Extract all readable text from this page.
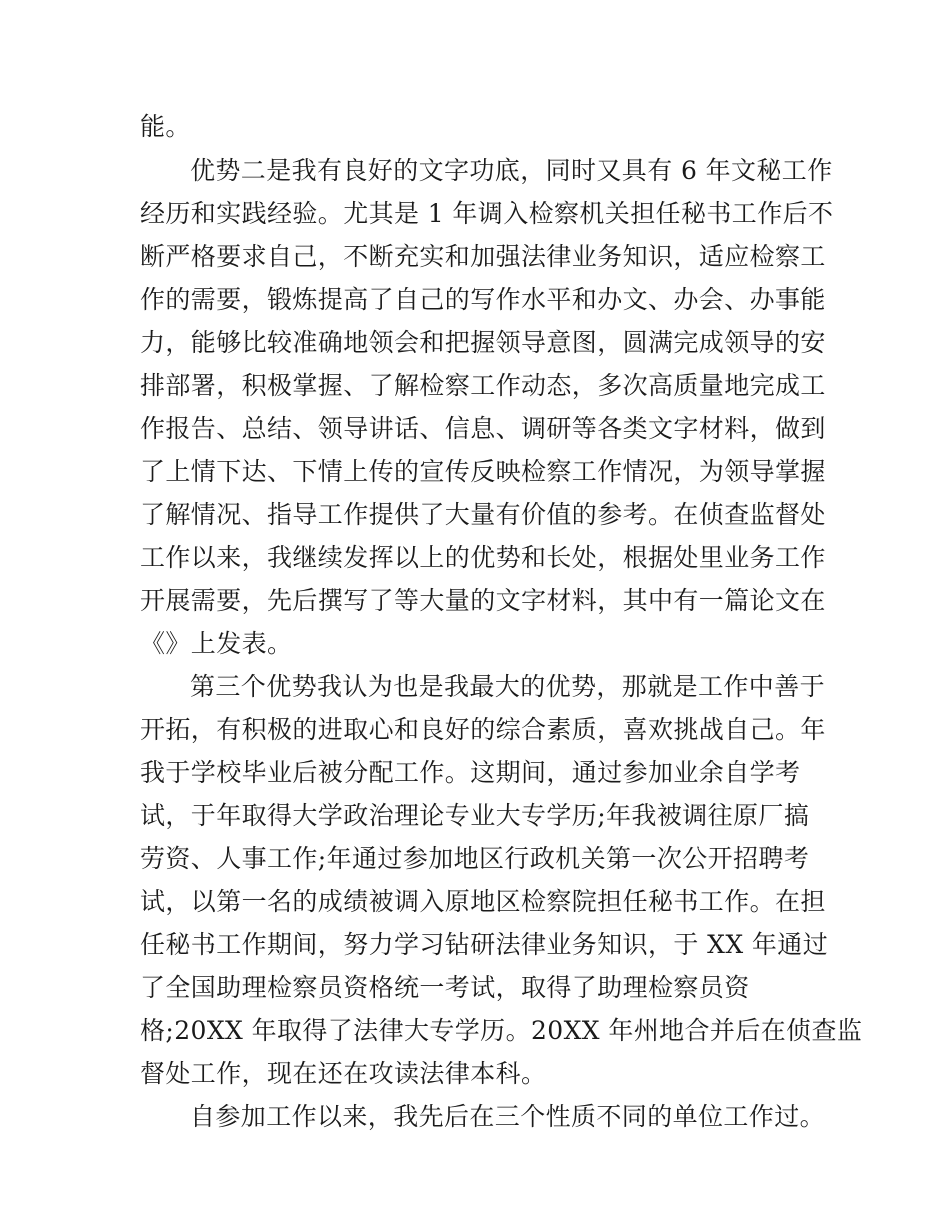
能。
优势二是我有良好的文字功底，同时又具有 6 年文秘工作
经历和实践经验。尤其是 1 年调入检察机关担任秘书工作后不
断严格要求自己，不断充实和加强法律业务知识，适应检察工
作的需要，锻炼提高了自己的写作水平和办文、办会、办事能
力，能够比较准确地领会和把握领导意图，圆满完成领导的安
排部署，积极掌握、了解检察工作动态，多次高质量地完成工
作报告、总结、领导讲话、信息、调研等各类文字材料，做到
了上情下达、下情上传的宣传反映检察工作情况，为领导掌握
了解情况、指导工作提供了大量有价值的参考。在侦查监督处
工作以来，我继续发挥以上的优势和长处，根据处里业务工作
开展需要，先后撰写了等大量的文字材料，其中有一篇论文在
《》上发表。
第三个优势我认为也是我最大的优势，那就是工作中善于
开拓，有积极的进取心和良好的综合素质，喜欢挑战自己。年
我于学校毕业后被分配工作。这期间，通过参加业余自学考
试，于年取得大学政治理论专业大专学历;年我被调往原厂搞
劳资、人事工作;年通过参加地区行政机关第一次公开招聘考
试，以第一名的成绩被调入原地区检察院担任秘书工作。在担
任秘书工作期间，努力学习钻研法律业务知识，于 XX 年通过
了全国助理检察员资格统一考试，取得了助理检察员资
格;20XX 年取得了法律大专学历。20XX 年州地合并后在侦查监
督处工作，现在还在攻读法律本科。
自参加工作以来，我先后在三个性质不同的单位工作过。
